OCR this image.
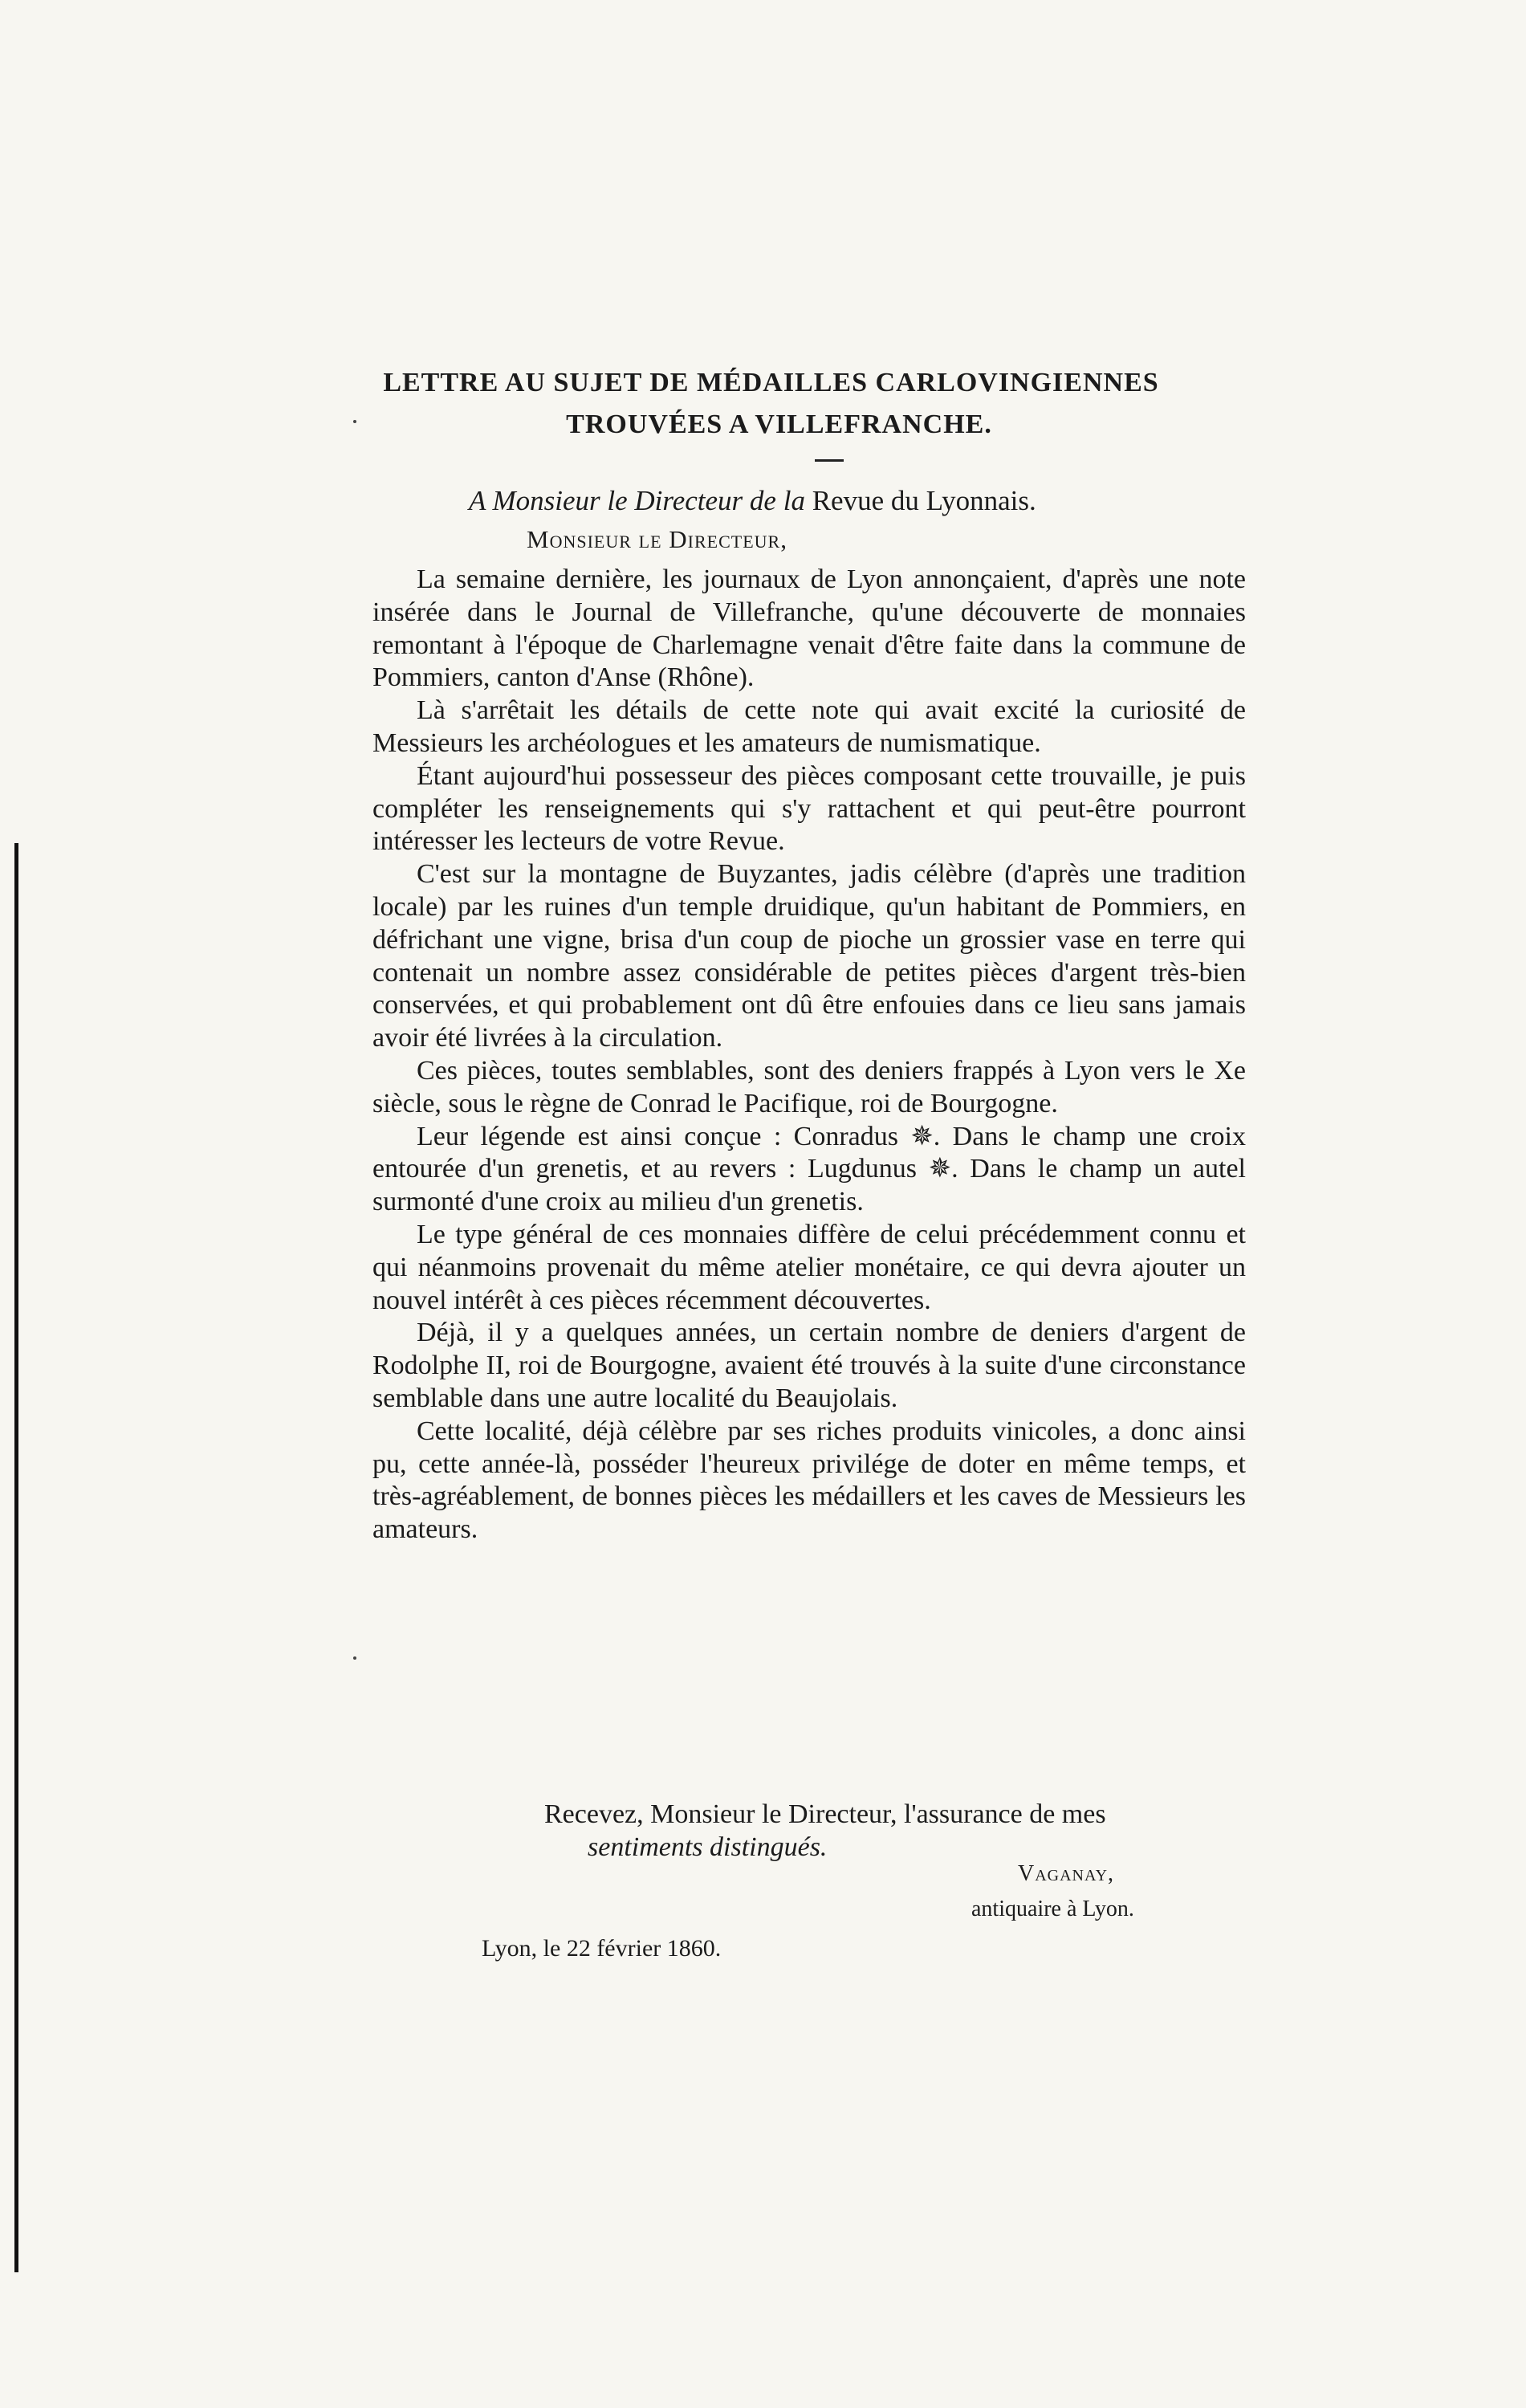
LETTRE AU SUJET DE MÉDAILLES CARLOVINGIENNES
TROUVÉES A VILLEFRANCHE.

A Monsieur le Directeur de la Revue du Lyonnais.

Monsieur le Directeur,

La semaine dernière, les journaux de Lyon annonçaient, d'après une note insérée dans le Journal de Villefranche, qu'une découverte de monnaies remontant à l'époque de Charlemagne venait d'être faite dans la commune de Pommiers, canton d'Anse (Rhône).

Là s'arrêtait les détails de cette note qui avait excité la curiosité de Messieurs les archéologues et les amateurs de numismatique.

Étant aujourd'hui possesseur des pièces composant cette trouvaille, je puis compléter les renseignements qui s'y rattachent et qui peut-être pourront intéresser les lecteurs de votre Revue.

C'est sur la montagne de Buyzantes, jadis célèbre (d'après une tradition locale) par les ruines d'un temple druidique, qu'un habitant de Pommiers, en défrichant une vigne, brisa d'un coup de pioche un grossier vase en terre qui contenait un nombre assez considérable de petites pièces d'argent très-bien conservées, et qui probablement ont dû être enfouies dans ce lieu sans jamais avoir été livrées à la circulation.

Ces pièces, toutes semblables, sont des deniers frappés à Lyon vers le Xe siècle, sous le règne de Conrad le Pacifique, roi de Bourgogne.

Leur légende est ainsi conçue : Conradus ✵. Dans le champ une croix entourée d'un grenetis, et au revers : Lugdunus ✵. Dans le champ un autel surmonté d'une croix au milieu d'un grenetis.

Le type général de ces monnaies diffère de celui précédemment connu et qui néanmoins provenait du même atelier monétaire, ce qui devra ajouter un nouvel intérêt à ces pièces récemment découvertes.

Déjà, il y a quelques années, un certain nombre de deniers d'argent de Rodolphe II, roi de Bourgogne, avaient été trouvés à la suite d'une circonstance semblable dans une autre localité du Beaujolais.

Cette localité, déjà célèbre par ses riches produits vinicoles, a donc ainsi pu, cette année-là, posséder l'heureux privilége de doter en même temps, et très-agréablement, de bonnes pièces les médaillers et les caves de Messieurs les amateurs.

Recevez, Monsieur le Directeur, l'assurance de mes

sentiments distingués.

Vaganay,

antiquaire à Lyon.

Lyon, le 22 février 1860.
